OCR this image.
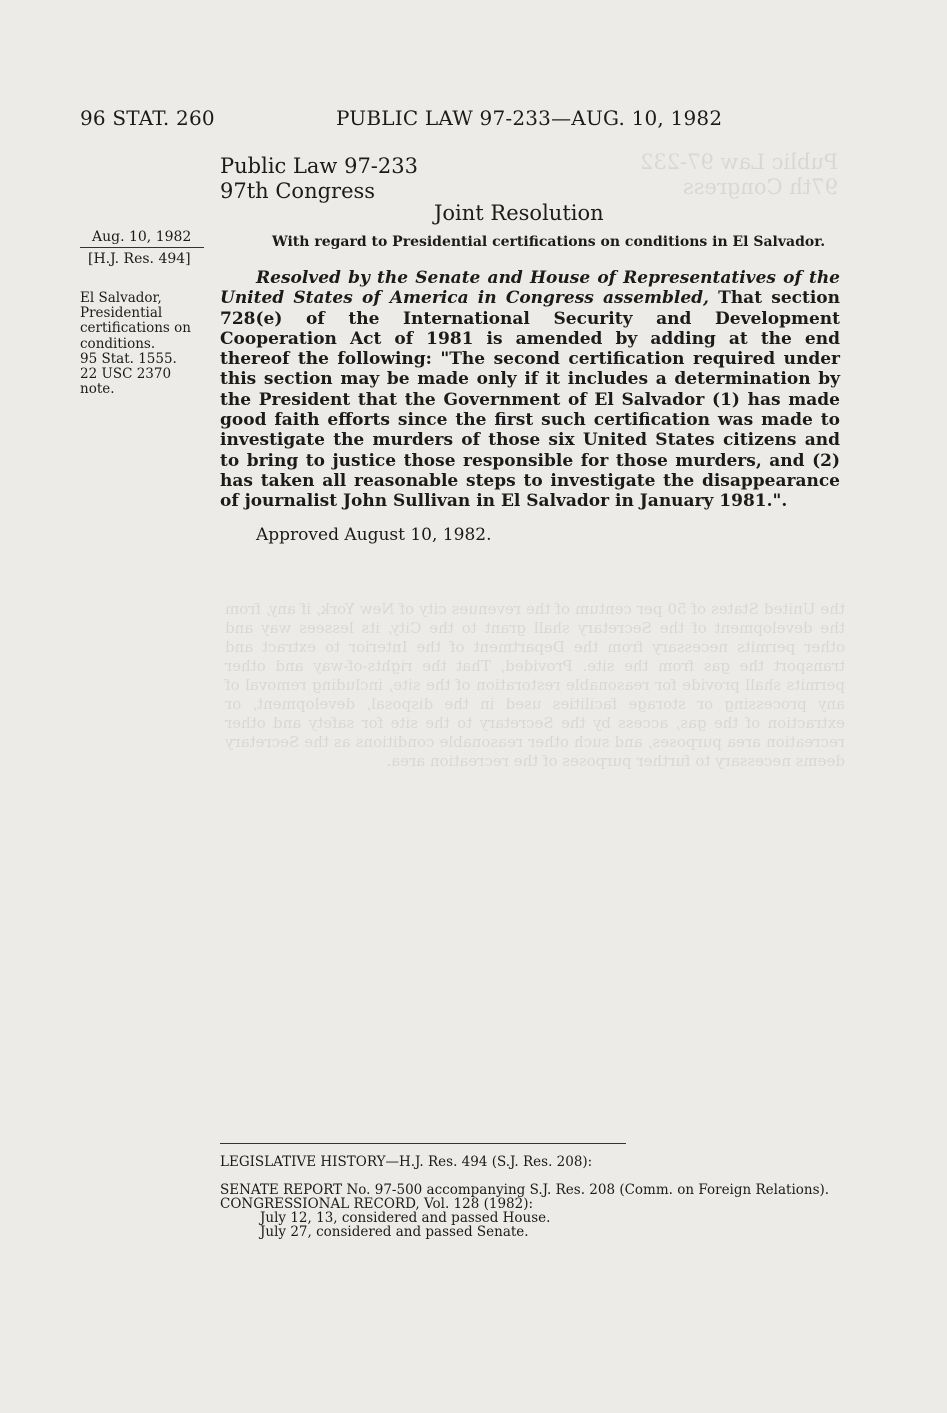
96 STAT. 260	PUBLIC LAW 97-233—AUG. 10, 1982
Public Law 97-233
97th Congress
Joint Resolution
Aug. 10, 1982
[H.J. Res. 494]
With regard to Presidential certifications on conditions in El Salvador.
El Salvador,
Presidential
certifications on
conditions.
95 Stat. 1555.
22 USC 2370
note.
Resolved by the Senate and House of Representatives of the United States of America in Congress assembled, That section 728(e) of the International Security and Development Cooperation Act of 1981 is amended by adding at the end thereof the following: "The second certification required under this section may be made only if it includes a determination by the President that the Government of El Salvador (1) has made good faith efforts since the first such certification was made to investigate the murders of those six United States citizens and to bring to justice those responsible for those murders, and (2) has taken all reasonable steps to investigate the disappearance of journalist John Sullivan in El Salvador in January 1981.".
Approved August 10, 1982.
Public Law 97-232
97th Congress
the United States of 50 per centum of the revenues city of New York, if any, from the development of the Secretary shall grant to the City, its lessees way and other permits necessary from the Department of the Interior to extract and transport the gas from the site. Provided, That the rights-of-way and other permits shall provide for reasonable restoration of the site, including removal of any processing or storage facilities used in the disposal, development, or extraction of the gas, access by the Secretary to the site for safety and other recreation area purposes, and such other reasonable conditions as the Secretary deems necessary to further purposes of the recreation area.
LEGISLATIVE HISTORY—H.J. Res. 494 (S.J. Res. 208):
SENATE REPORT No. 97-500 accompanying S.J. Res. 208 (Comm. on Foreign Relations).
CONGRESSIONAL RECORD, Vol. 128 (1982):
July 12, 13, considered and passed House.
July 27, considered and passed Senate.
